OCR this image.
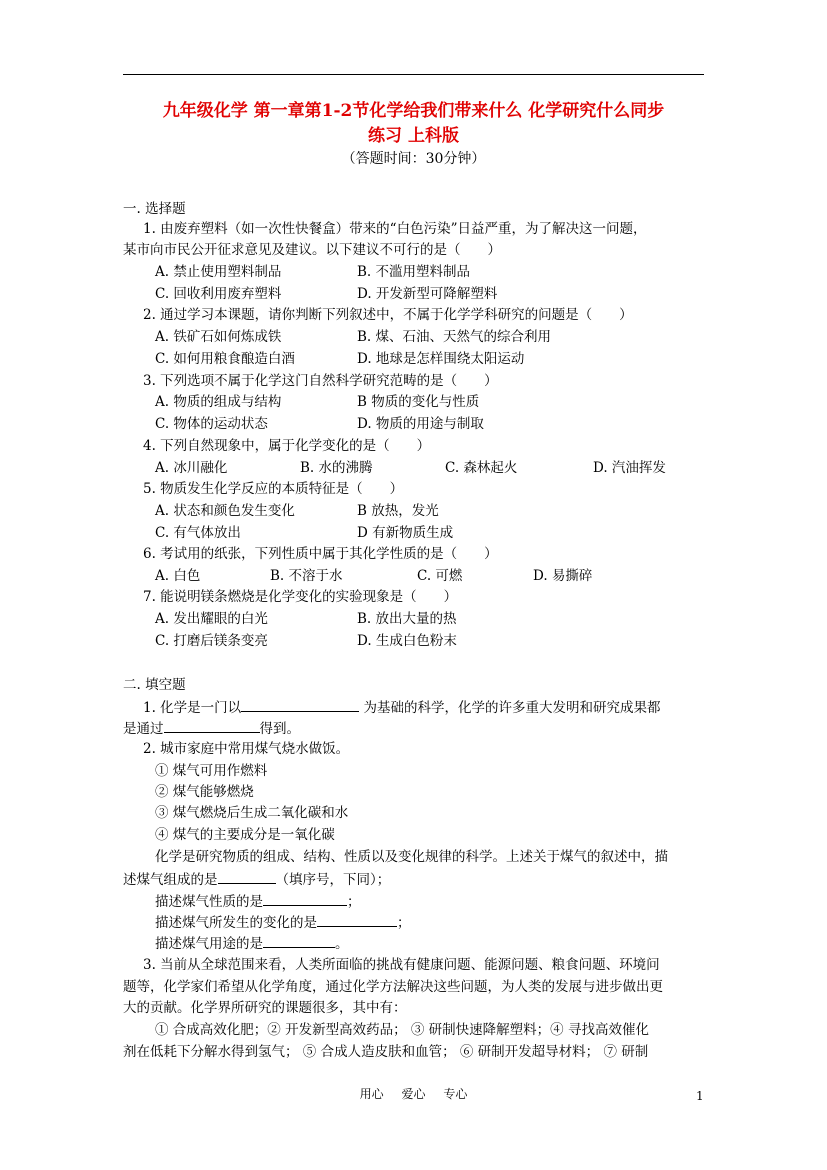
九年级化学 第一章第1-2节化学给我们带来什么 化学研究什么同步
练习 上科版
（答题时间：30分钟）
一. 选择题
1. 由废弃塑料（如一次性快餐盒）带来的“白色污染”日益严重，为了解决这一问题，
某市向市民公开征求意见及建议。以下建议不可行的是（　　）
A. 禁止使用塑料制品	B. 不滥用塑料制品
C. 回收利用废弃塑料	D. 开发新型可降解塑料
2. 通过学习本课题，请你判断下列叙述中，不属于化学学科研究的问题是（　　）
A. 铁矿石如何炼成铁	B. 煤、石油、天然气的综合利用
C. 如何用粮食酿造白酒	D. 地球是怎样围绕太阳运动
3. 下列选项不属于化学这门自然科学研究范畴的是（　　）
A. 物质的组成与结构	B 物质的变化与性质
C. 物体的运动状态	D. 物质的用途与制取
4. 下列自然现象中，属于化学变化的是（　　）
A. 冰川融化	B. 水的沸腾	C. 森林起火	D. 汽油挥发
5. 物质发生化学反应的本质特征是（　　）
A. 状态和颜色发生变化	B 放热，发光
C. 有气体放出	D 有新物质生成
6. 考试用的纸张，下列性质中属于其化学性质的是（　　）
A. 白色	B. 不溶于水	C. 可燃	D. 易撕碎
7. 能说明镁条燃烧是化学变化的实验现象是（　　）
A. 发出耀眼的白光	B. 放出大量的热
C. 打磨后镁条变亮	D. 生成白色粉末
二. 填空题
1. 化学是一门以	为基础的科学，化学的许多重大发明和研究成果都
是通过	得到。
2. 城市家庭中常用煤气烧水做饭。
① 煤气可用作燃料
② 煤气能够燃烧
③ 煤气燃烧后生成二氧化碳和水
④ 煤气的主要成分是一氧化碳
化学是研究物质的组成、结构、性质以及变化规律的科学。上述关于煤气的叙述中，描
述煤气组成的是	（填序号，下同）；
描述煤气性质的是	；
描述煤气所发生的变化的是	；
描述煤气用途的是	。
3. 当前从全球范围来看，人类所面临的挑战有健康问题、能源问题、粮食问题、环境问
题等，化学家们希望从化学角度，通过化学方法解决这些问题，为人类的发展与进步做出更
大的贡献。化学界所研究的课题很多，其中有：
① 合成高效化肥；② 开发新型高效药品； ③ 研制快速降解塑料；④ 寻找高效催化
剂在低耗下分解水得到氢气； ⑤ 合成人造皮肤和血管； ⑥ 研制开发超导材料； ⑦ 研制
用心 爱心 专心	1
